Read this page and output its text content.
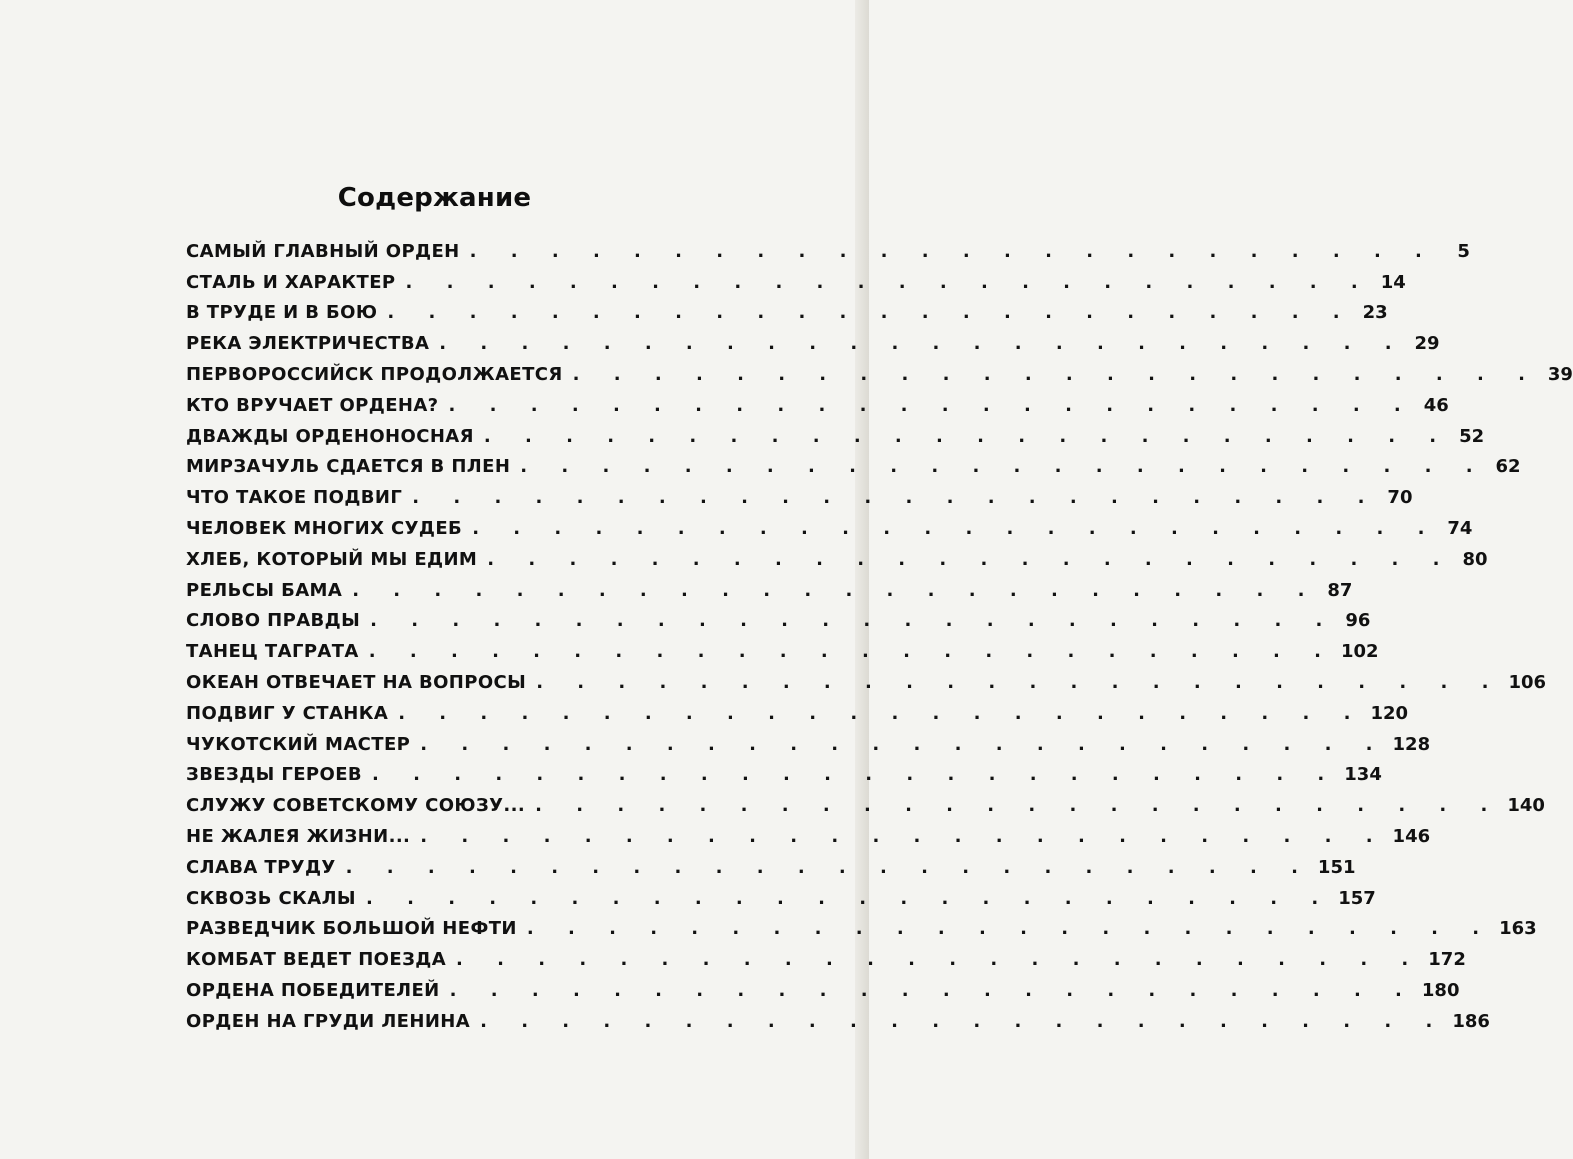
Содержание
САМЫЙ ГЛАВНЫЙ ОРДЕН . . . . . . . . . . . . . . . . . . . . . . . .	5
СТАЛЬ И ХАРАКТЕР . . . . . . . . . . . . . . . . . . . . . . . . 14
В ТРУДЕ И В БОЮ . . . . . . . . . . . . . . . . . . . . . . . . 23
РЕКА ЭЛЕКТРИЧЕСТВА . . . . . . . . . . . . . . . . . . . . . . . . 29
ПЕРВОРОССИЙСК ПРОДОЛЖАЕТСЯ . . . . . . . . . . . . . . . . . . . . . . . . 39
КТО ВРУЧАЕТ ОРДЕНА? . . . . . . . . . . . . . . . . . . . . . . . . 46
ДВАЖДЫ ОРДЕНОНОСНАЯ . . . . . . . . . . . . . . . . . . . . . . . . 52
МИРЗАЧУЛЬ СДАЕТСЯ В ПЛЕН . . . . . . . . . . . . . . . . . . . . . . . . 62
ЧТО ТАКОЕ ПОДВИГ . . . . . . . . . . . . . . . . . . . . . . . . 70
ЧЕЛОВЕК МНОГИХ СУДЕБ . . . . . . . . . . . . . . . . . . . . . . . . 74
ХЛЕБ, КОТОРЫЙ МЫ ЕДИМ . . . . . . . . . . . . . . . . . . . . . . . . 80
РЕЛЬСЫ БАМА . . . . . . . . . . . . . . . . . . . . . . . . 87
СЛОВО ПРАВДЫ . . . . . . . . . . . . . . . . . . . . . . . . 96
ТАНЕЦ ТАГРАТА . . . . . . . . . . . . . . . . . . . . . . . . 102
ОКЕАН ОТВЕЧАЕТ НА ВОПРОСЫ . . . . . . . . . . . . . . . . . . . . . . . . 106
ПОДВИГ У СТАНКА . . . . . . . . . . . . . . . . . . . . . . . . 120
ЧУКОТСКИЙ МАСТЕР . . . . . . . . . . . . . . . . . . . . . . . . 128
ЗВЕЗДЫ ГЕРОЕВ . . . . . . . . . . . . . . . . . . . . . . . . 134
СЛУЖУ СОВЕТСКОМУ СОЮЗУ... . . . . . . . . . . . . . . . . . . . . . . . . 140
НЕ ЖАЛЕЯ ЖИЗНИ... . . . . . . . . . . . . . . . . . . . . . . . . 146
СЛАВА ТРУДУ . . . . . . . . . . . . . . . . . . . . . . . . 151
СКВОЗЬ СКАЛЫ . . . . . . . . . . . . . . . . . . . . . . . . 157
РАЗВЕДЧИК БОЛЬШОЙ НЕФТИ . . . . . . . . . . . . . . . . . . . . . . . . 163
КОМБАТ ВЕДЕТ ПОЕЗДА . . . . . . . . . . . . . . . . . . . . . . . . 172
ОРДЕНА ПОБЕДИТЕЛЕЙ . . . . . . . . . . . . . . . . . . . . . . . . 180
ОРДЕН НА ГРУДИ ЛЕНИНА . . . . . . . . . . . . . . . . . . . . . . . . 186
